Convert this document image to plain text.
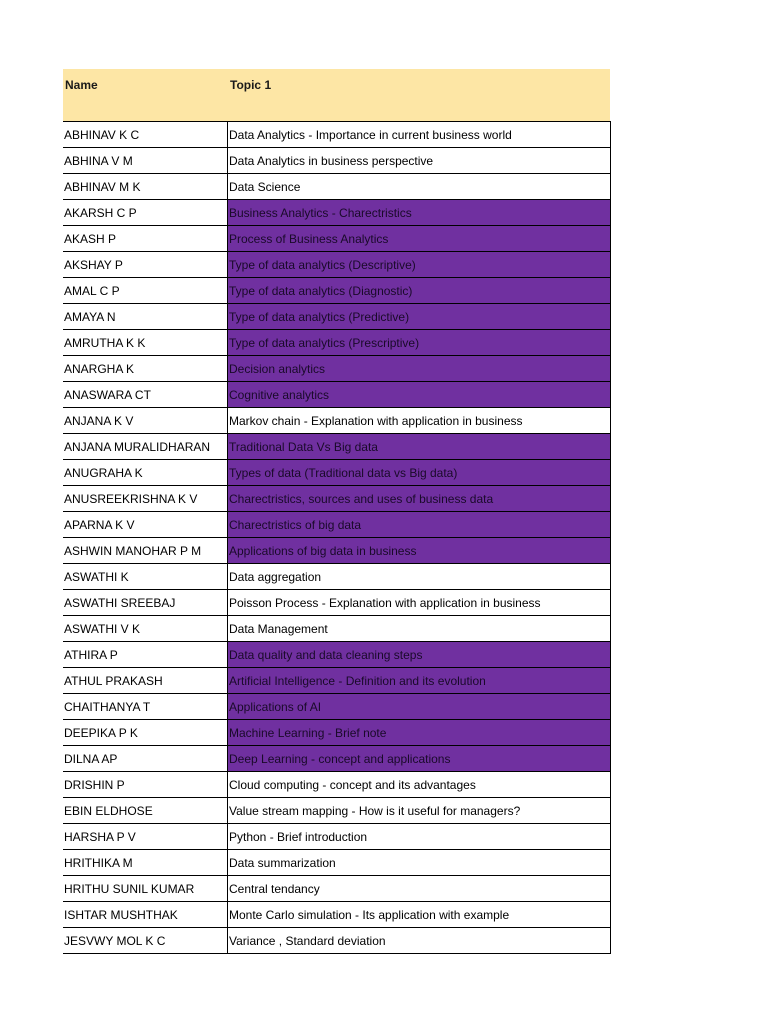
Name	Topic 1
ABHINAV K C	Data Analytics - Importance in current business world
ABHINA V M	Data Analytics in business perspective
ABHINAV M K	Data Science
AKARSH C P	Business Analytics - Charectristics
AKASH P	Process of Business Analytics
AKSHAY P	Type of data analytics (Descriptive)
AMAL C P	Type of data analytics (Diagnostic)
AMAYA N	Type of data analytics (Predictive)
AMRUTHA K K	Type of data analytics (Prescriptive)
ANARGHA K	Decision analytics
ANASWARA CT	Cognitive analytics
ANJANA K V	Markov chain - Explanation with application in business
ANJANA MURALIDHARAN	Traditional Data Vs Big data
ANUGRAHA K	Types of data (Traditional data vs Big data)
ANUSREEKRISHNA K V	Charectristics, sources and uses of business data
APARNA K V	Charectristics of big data
ASHWIN MANOHAR P M	Applications of big data in business
ASWATHI K	Data aggregation
ASWATHI SREEBAJ	Poisson Process - Explanation with application in business
ASWATHI V K	Data Management
ATHIRA P	Data quality and data cleaning steps
ATHUL PRAKASH	Artificial Intelligence - Definition and its evolution
CHAITHANYA T	Applications of AI
DEEPIKA P K	Machine Learning - Brief note
DILNA AP	Deep Learning - concept and applications
DRISHIN P	Cloud computing - concept and its advantages
EBIN ELDHOSE	Value stream mapping - How is it useful for managers?
HARSHA P V	Python - Brief introduction
HRITHIKA M	Data summarization
HRITHU SUNIL KUMAR	Central tendancy
ISHTAR MUSHTHAK	Monte Carlo simulation - Its application with example
JESVWY MOL K C	Variance , Standard deviation
